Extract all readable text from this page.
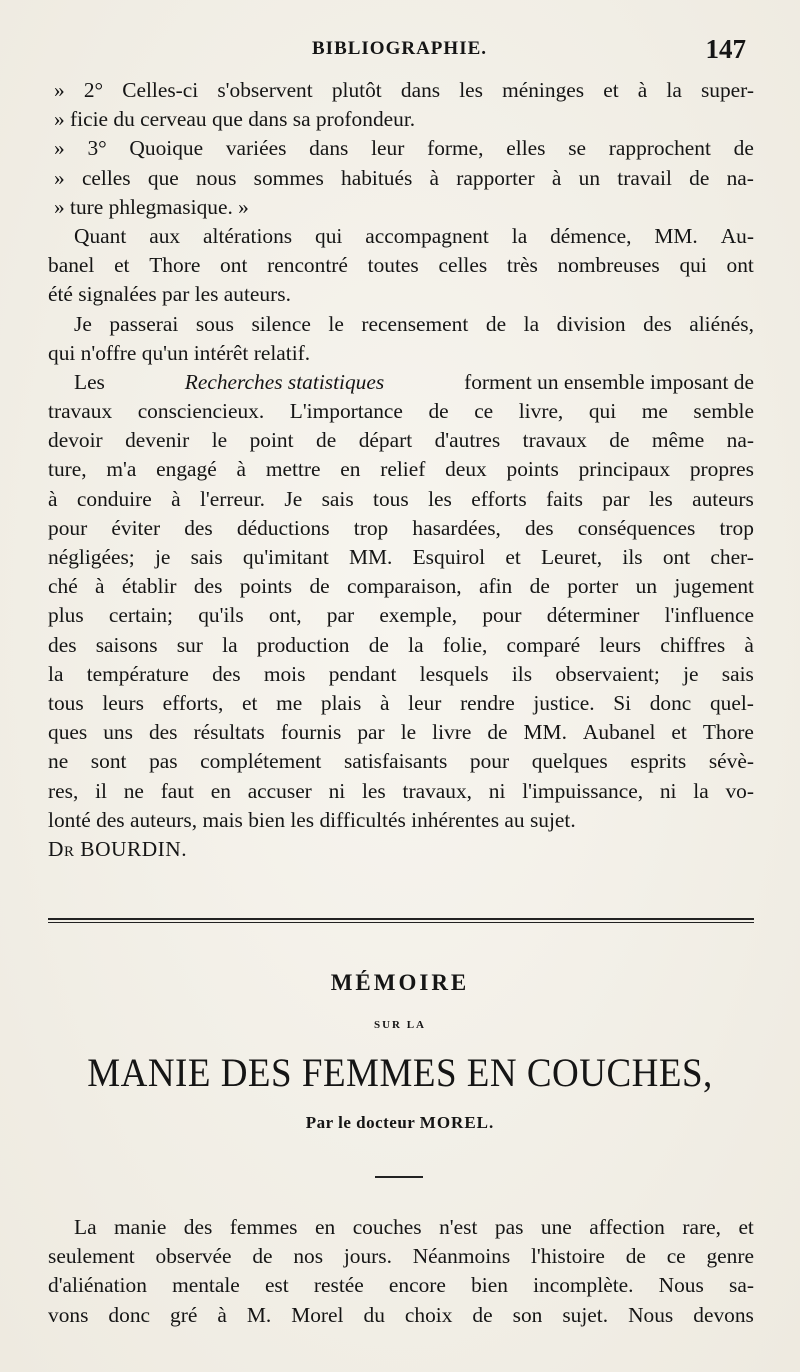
BIBLIOGRAPHIE.	147
» 2° Celles-ci s'observent plutôt dans les méninges et à la super-
» ficie du cerveau que dans sa profondeur.
» 3° Quoique variées dans leur forme, elles se rapprochent de
» celles que nous sommes habitués à rapporter à un travail de na-
» ture phlegmasique. »
Quant aux altérations qui accompagnent la démence, MM. Au-
banel et Thore ont rencontré toutes celles très nombreuses qui ont
été signalées par les auteurs.
Je passerai sous silence le recensement de la division des aliénés,
qui n'offre qu'un intérêt relatif.
Les	Recherches statistiques	forment un ensemble imposant de
travaux consciencieux. L'importance de ce livre, qui me semble
devoir devenir le point de départ d'autres travaux de même na-
ture, m'a engagé à mettre en relief deux points principaux propres
à conduire à l'erreur. Je sais tous les efforts faits par les auteurs
pour éviter des déductions trop hasardées, des conséquences trop
négligées; je sais qu'imitant MM. Esquirol et Leuret, ils ont cher-
ché à établir des points de comparaison, afin de porter un jugement
plus certain; qu'ils ont, par exemple, pour déterminer l'influence
des saisons sur la production de la folie, comparé leurs chiffres à
la température des mois pendant lesquels ils observaient; je sais
tous leurs efforts, et me plais à leur rendre justice. Si donc quel-
ques uns des résultats fournis par le livre de MM. Aubanel et Thore
ne sont pas complétement satisfaisants pour quelques esprits sévè-
res, il ne faut en accuser ni les travaux, ni l'impuissance, ni la vo-
lonté des auteurs, mais bien les difficultés inhérentes au sujet.
Dr BOURDIN.
MÉMOIRE
SUR LA
MANIE DES FEMMES EN COUCHES,
Par le docteur MOREL.
La manie des femmes en couches n'est pas une affection rare, et
seulement observée de nos jours. Néanmoins l'histoire de ce genre
d'aliénation mentale est restée encore bien incomplète. Nous sa-
vons donc gré à M. Morel du choix de son sujet. Nous devons
